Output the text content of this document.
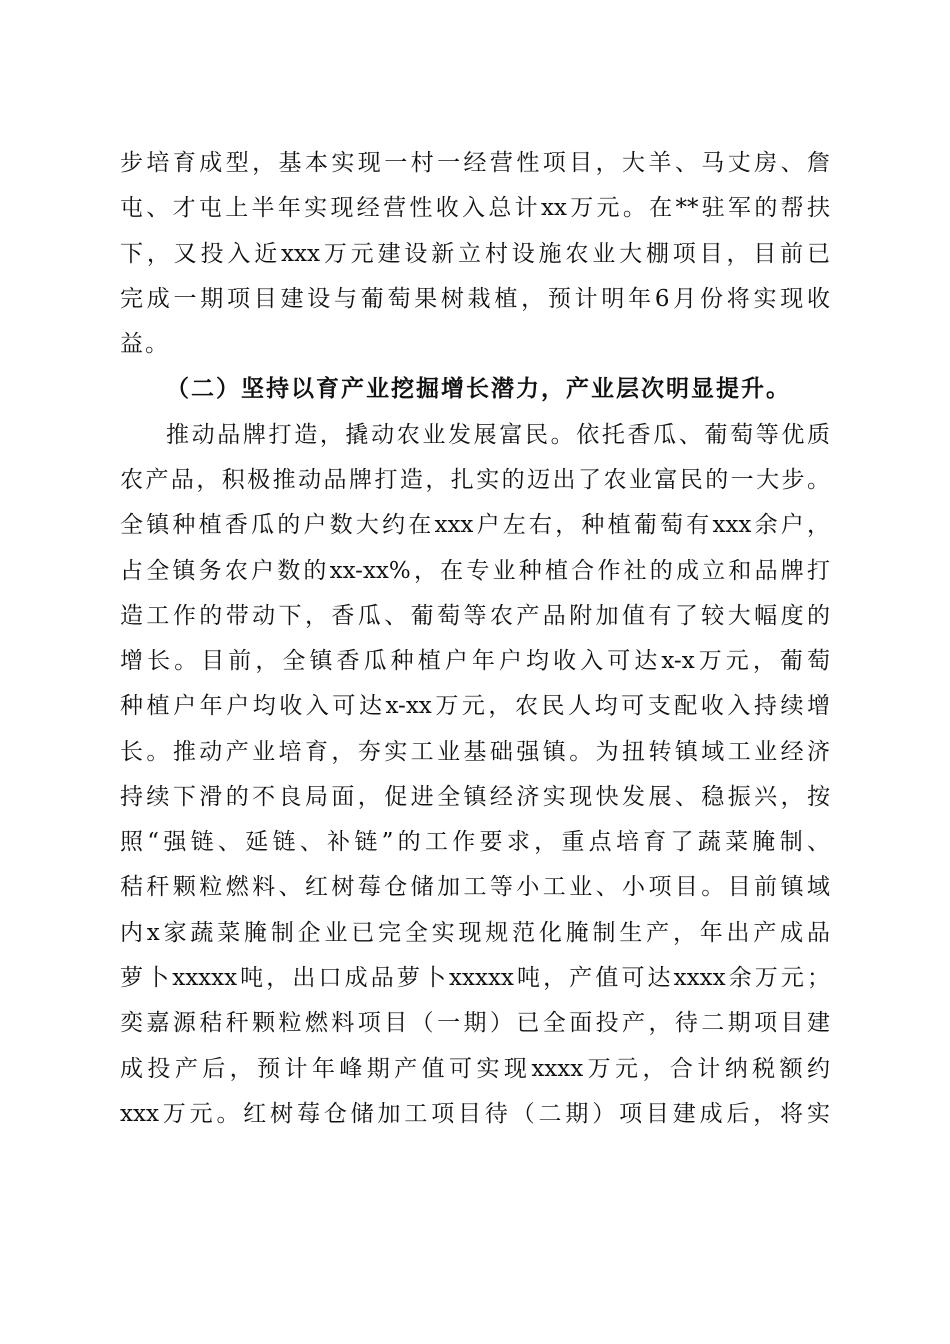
步培育成型，基本实现一村一经营性项目，大羊、马丈房、詹
屯、才屯上半年实现经营性收入总计xx万元。在**驻军的帮扶
下，又投入近xxx万元建设新立村设施农业大棚项目，目前已
完成一期项目建设与葡萄果树栽植，预计明年6月份将实现收
益。
（二）坚持以育产业挖掘增长潜力，产业层次明显提升。
推动品牌打造，撬动农业发展富民。依托香瓜、葡萄等优质
农产品，积极推动品牌打造，扎实的迈出了农业富民的一大步。
全镇种植香瓜的户数大约在xxx户左右，种植葡萄有xxx余户，
占全镇务农户数的xx-xx%，在专业种植合作社的成立和品牌打
造工作的带动下，香瓜、葡萄等农产品附加值有了较大幅度的
增长。目前，全镇香瓜种植户年户均收入可达x-x万元，葡萄
种植户年户均收入可达x-xx万元，农民人均可支配收入持续增
长。推动产业培育，夯实工业基础强镇。为扭转镇域工业经济
持续下滑的不良局面，促进全镇经济实现快发展、稳振兴，按
照“强链、延链、补链”的工作要求，重点培育了蔬菜腌制、
秸秆颗粒燃料、红树莓仓储加工等小工业、小项目。目前镇域
内x家蔬菜腌制企业已完全实现规范化腌制生产，年出产成品
萝卜xxxxx吨，出口成品萝卜xxxxx吨，产值可达xxxx余万元；
奕嘉源秸秆颗粒燃料项目（一期）已全面投产，待二期项目建
成投产后，预计年峰期产值可实现xxxx万元，合计纳税额约
xxx万元。红树莓仓储加工项目待（二期）项目建成后，将实
